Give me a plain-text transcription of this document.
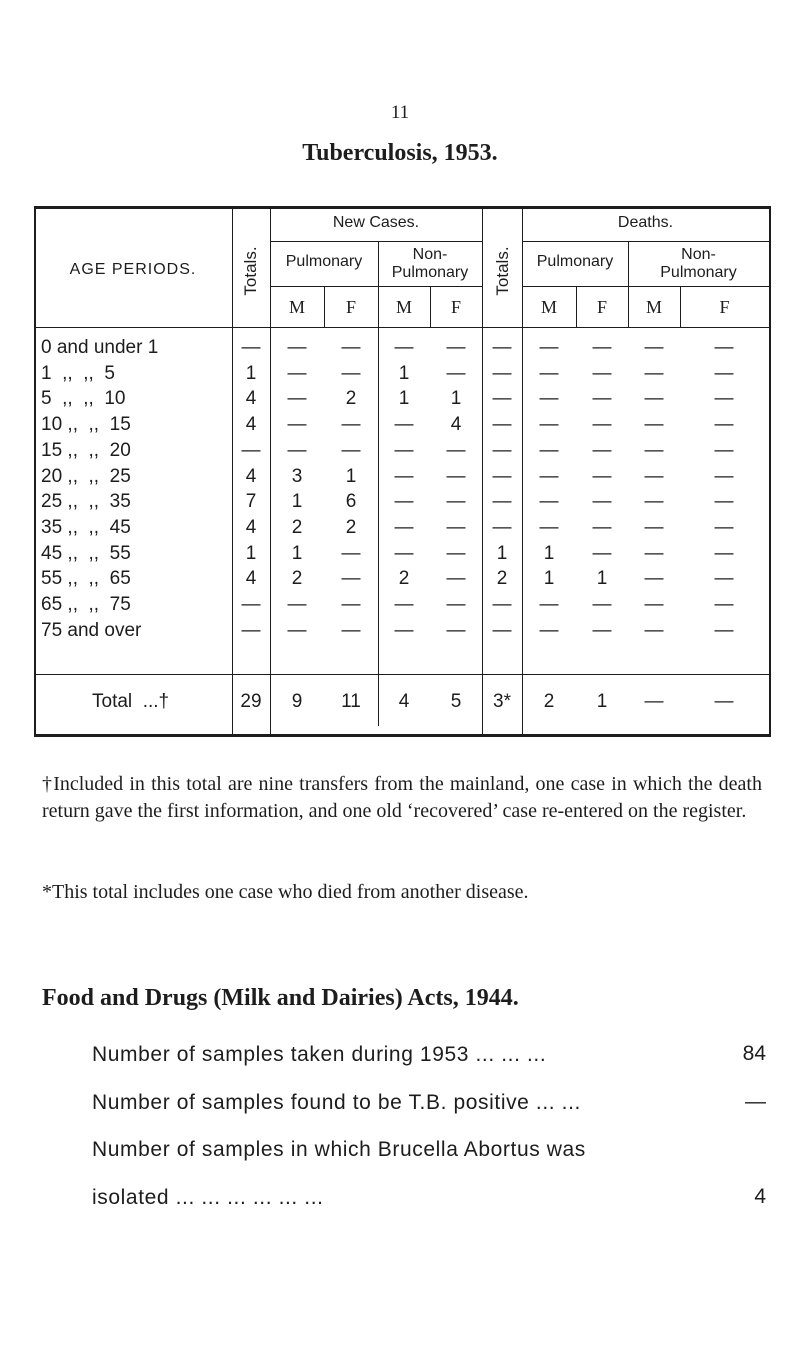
11
Tuberculosis, 1953.
AGE PERIODS.	Totals.	Totals.
New Cases.	Deaths.
Pulmonary	Non-
Pulmonary
Pulmonary	Non-
Pulmonary
M	F	M	F	M	F	M	F
0 and under 1	—	—	—	—	—	—	—	—	—	—
1  ,,  ,,  5	1	—	—	1	—	—	—	—	—	—
5  ,,  ,,  10	4	—	2	1	1	—	—	—	—	—
10 ,,  ,,  15	4	—	—	—	4	—	—	—	—	—
15 ,,  ,,  20	—	—	—	—	—	—	—	—	—	—
20 ,,  ,,  25	4	3	1	—	—	—	—	—	—	—
25 ,,  ,,  35	7	1	6	—	—	—	—	—	—	—
35 ,,  ,,  45	4	2	2	—	—	—	—	—	—	—
45 ,,  ,,  55	1	1	—	—	—	1	1	—	—	—
55 ,,  ,,  65	4	2	—	2	—	2	1	1	—	—
65 ,,  ,,  75	—	—	—	—	—	—	—	—	—	—
75 and over	—	—	—	—	—	—	—	—	—	—
Total  ...†	29	9	11	4	5	3*	2	1	—	—
†Included in this total are nine transfers from the mainland, one case in which the death return gave the first information, and one old ‘recovered’ case re-entered on the register.
*This total includes one case who died from another disease.
Food and Drugs (Milk and Dairies) Acts, 1944.
Number of samples taken during 1953 ... ... ...	84
Number of samples found to be T.B. positive ... ...	—
Number of samples in which Brucella Abortus was
isolated ... ... ... ... ... ...	4
